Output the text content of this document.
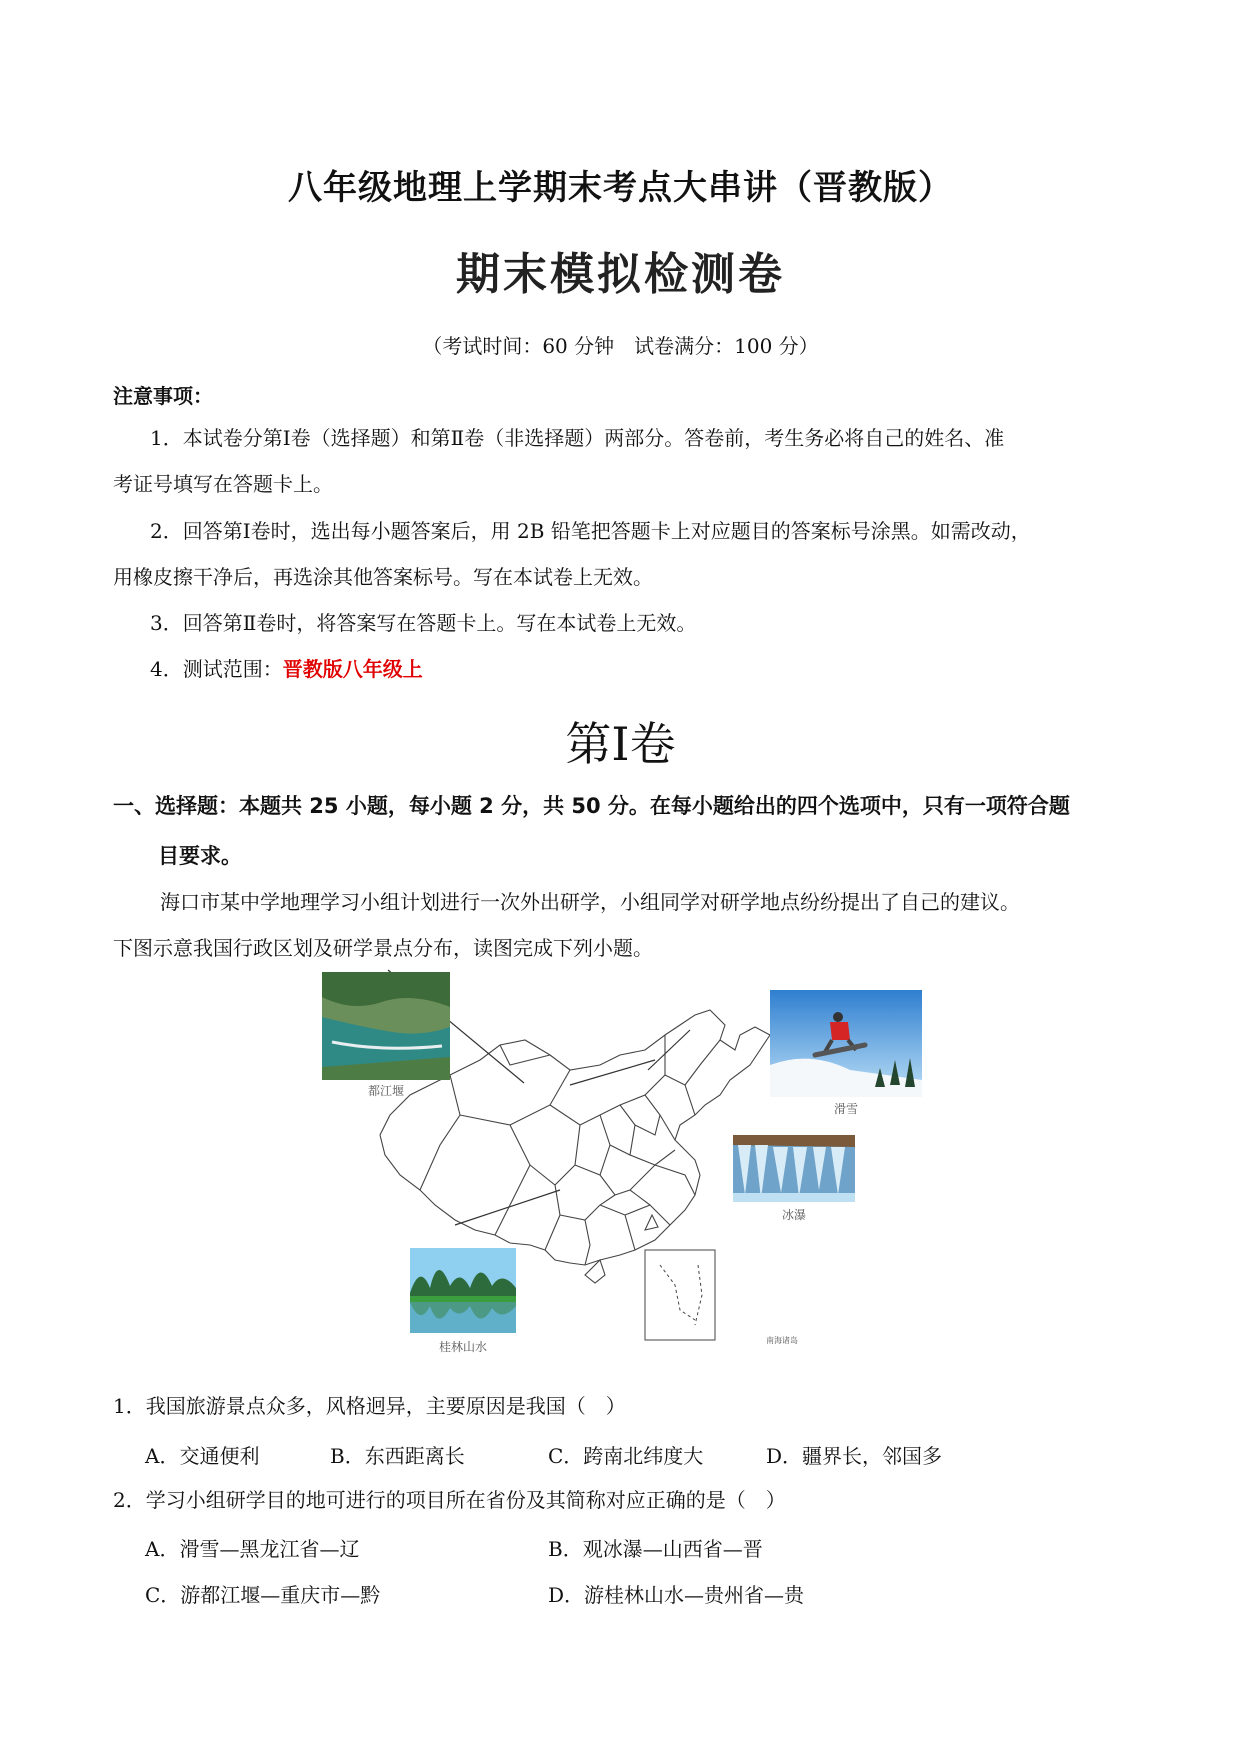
八年级地理上学期末考点大串讲（晋教版）
期末模拟检测卷
（考试时间：60 分钟　试卷满分：100 分）
注意事项：
1．本试卷分第Ⅰ卷（选择题）和第Ⅱ卷（非选择题）两部分。答卷前，考生务必将自己的姓名、准
考证号填写在答题卡上。
2．回答第Ⅰ卷时，选出每小题答案后，用 2B 铅笔把答题卡上对应题目的答案标号涂黑。如需改动，
用橡皮擦干净后，再选涂其他答案标号。写在本试卷上无效。
3．回答第Ⅱ卷时，将答案写在答题卡上。写在本试卷上无效。
4．测试范围：晋教版八年级上
第Ⅰ卷
一、选择题：本题共 25 小题，每小题 2 分，共 50 分。在每小题给出的四个选项中，只有一项符合题
目要求。
海口市某中学地理学习小组计划进行一次外出研学，小组同学对研学地点纷纷提出了自己的建议。
下图示意我国行政区划及研学景点分布，读图完成下列小题。
都江堰
滑雪
冰瀑
桂林山水	南海诸岛
1．我国旅游景点众多，风格迥异，主要原因是我国（　）
A．交通便利	B．东西距离长	C．跨南北纬度大	D．疆界长，邻国多
2．学习小组研学目的地可进行的项目所在省份及其简称对应正确的是（　）
A．滑雪—黑龙江省—辽	B．观冰瀑—山西省—晋
C．游都江堰—重庆市—黔	D．游桂林山水—贵州省—贵
